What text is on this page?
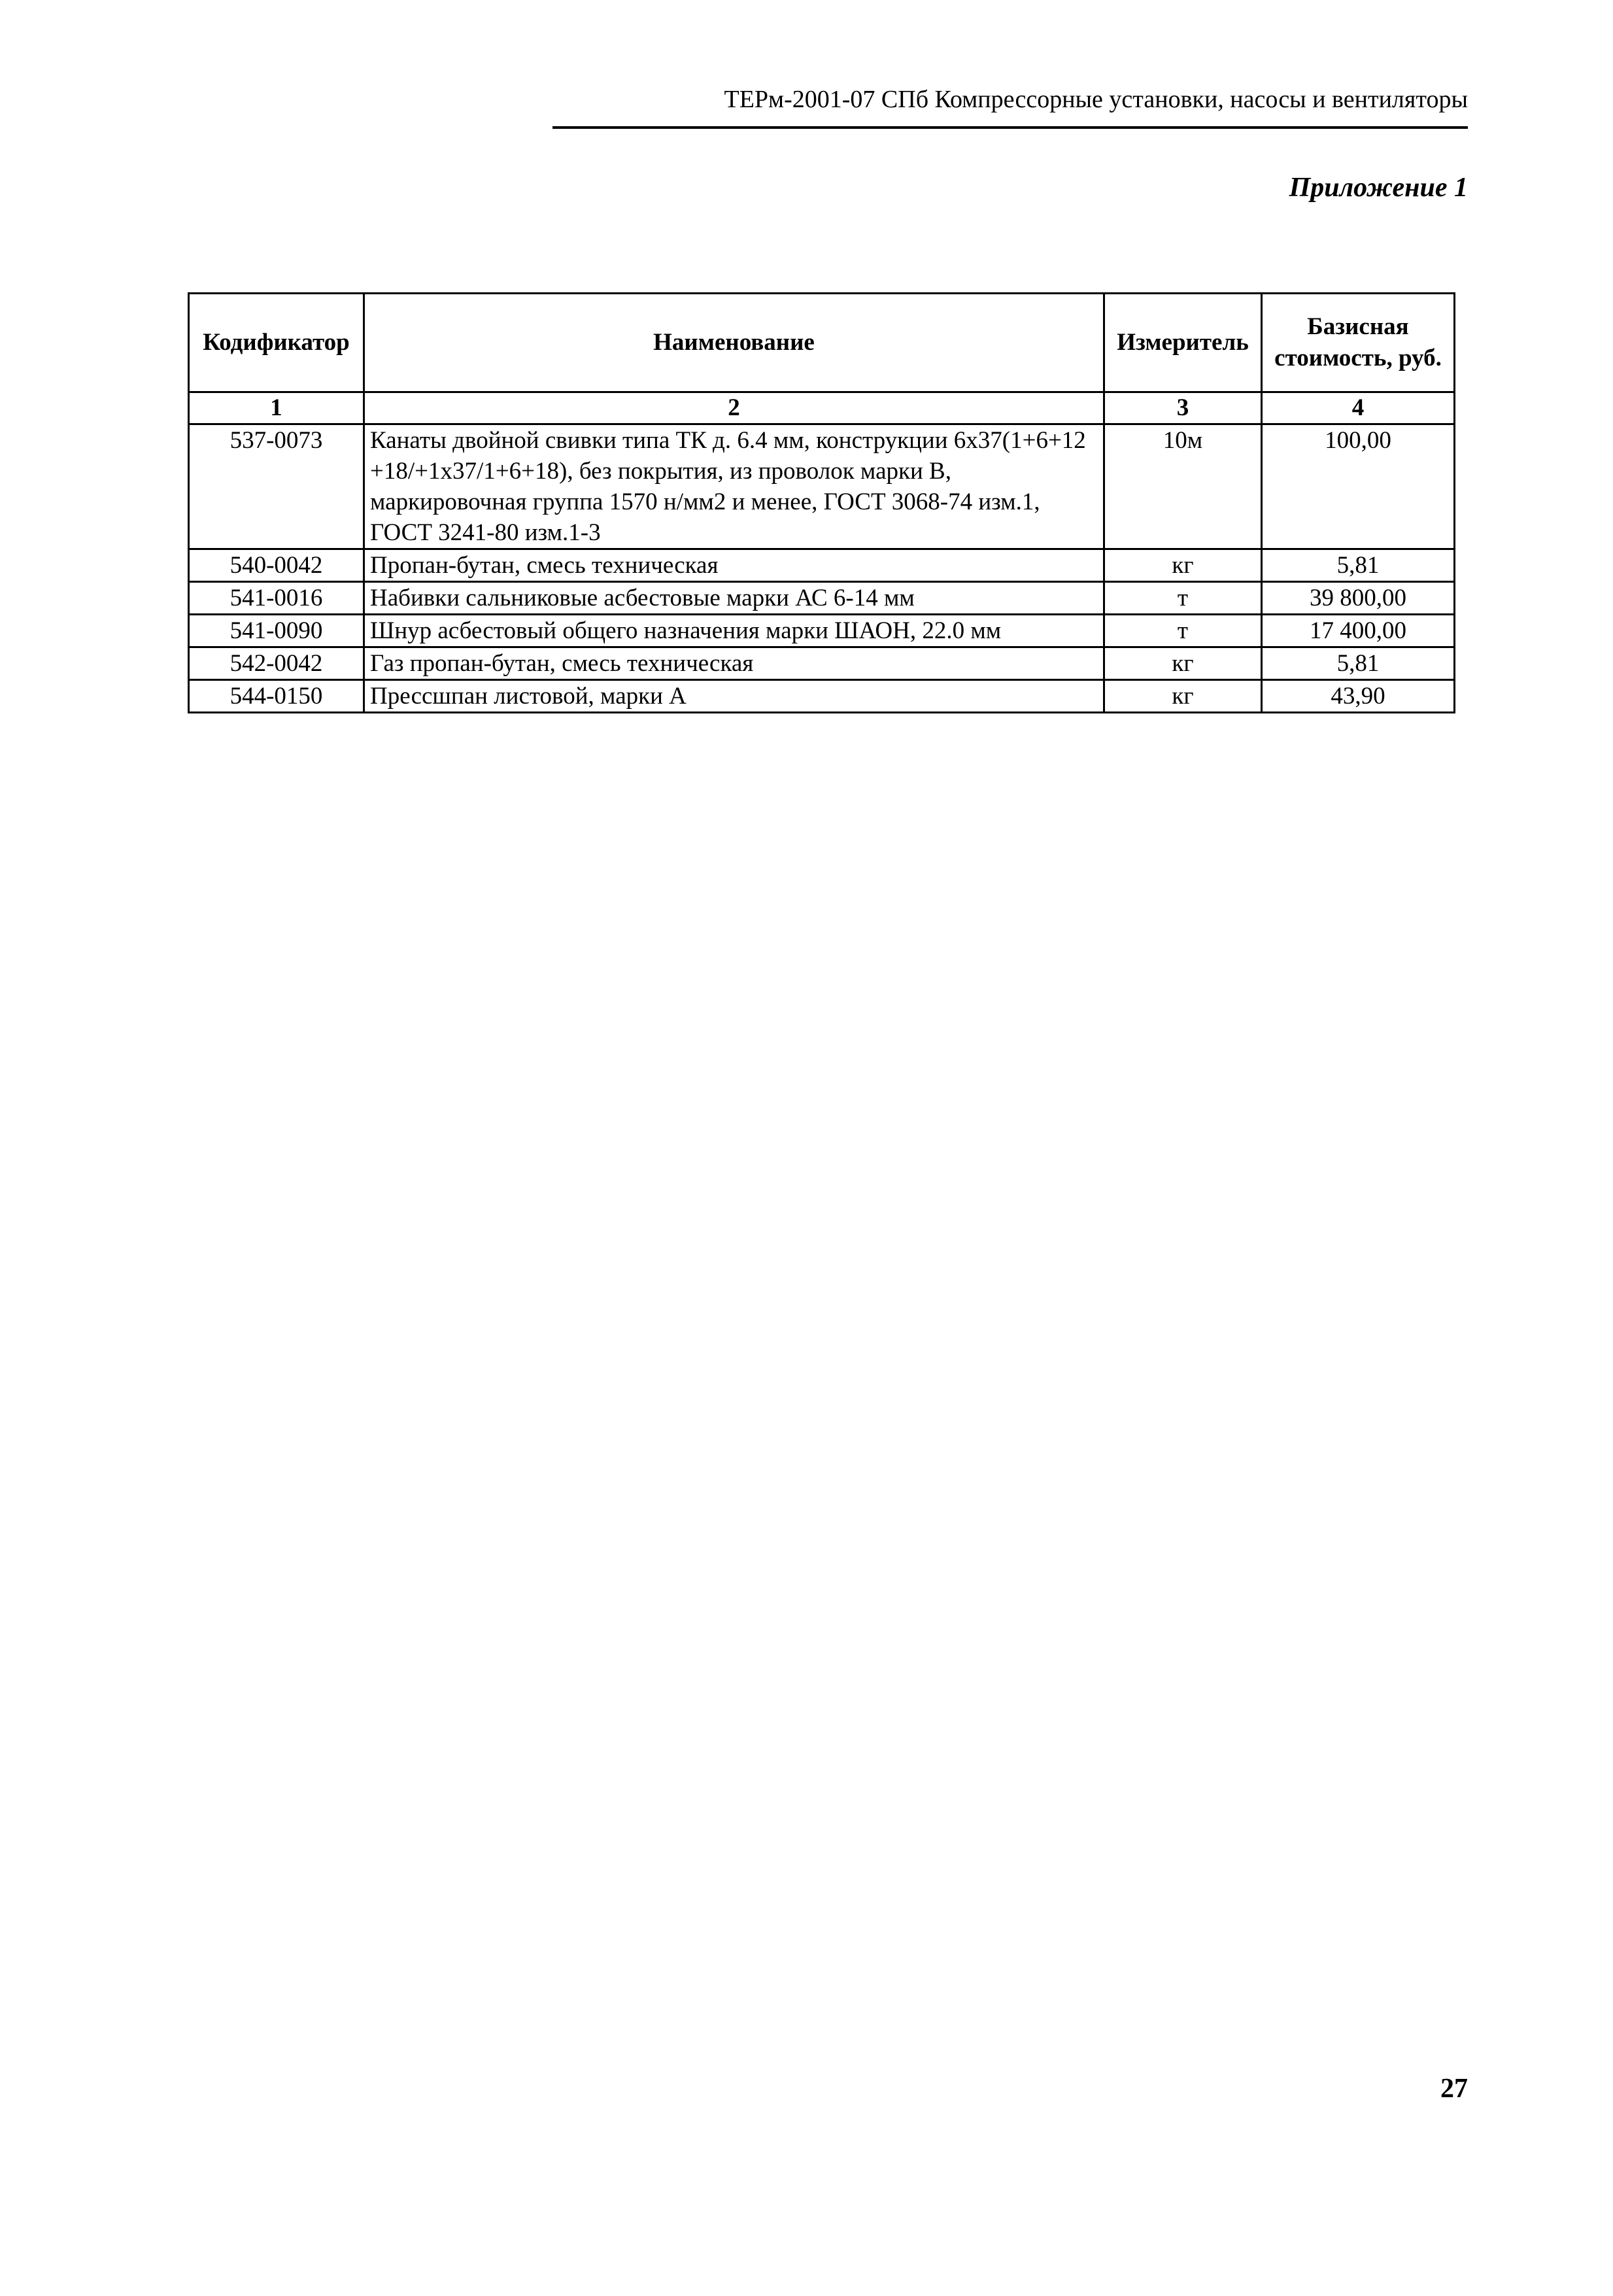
ТЕРм-2001-07 СПб Компрессорные установки, насосы и вентиляторы
Приложение 1
Кодификатор	Наименование	Измеритель	Базисная стоимость, руб.
1	2	3	4
537-0073	Канаты двойной свивки типа ТК д. 6.4 мм, конструкции 6х37(1+6+12 +18/+1х37/1+6+18), без покрытия, из проволок марки В, маркировочная группа 1570 н/мм2 и менее, ГОСТ 3068-74 изм.1, ГОСТ 3241-80 изм.1-3	10м	100,00
540-0042	Пропан-бутан, смесь техническая	кг	5,81
541-0016	Набивки сальниковые асбестовые марки АС 6-14 мм	т	39 800,00
541-0090	Шнур асбестовый общего назначения марки ШАОН, 22.0 мм	т	17 400,00
542-0042	Газ пропан-бутан, смесь техническая	кг	5,81
544-0150	Прессшпан листовой, марки А	кг	43,90
27
